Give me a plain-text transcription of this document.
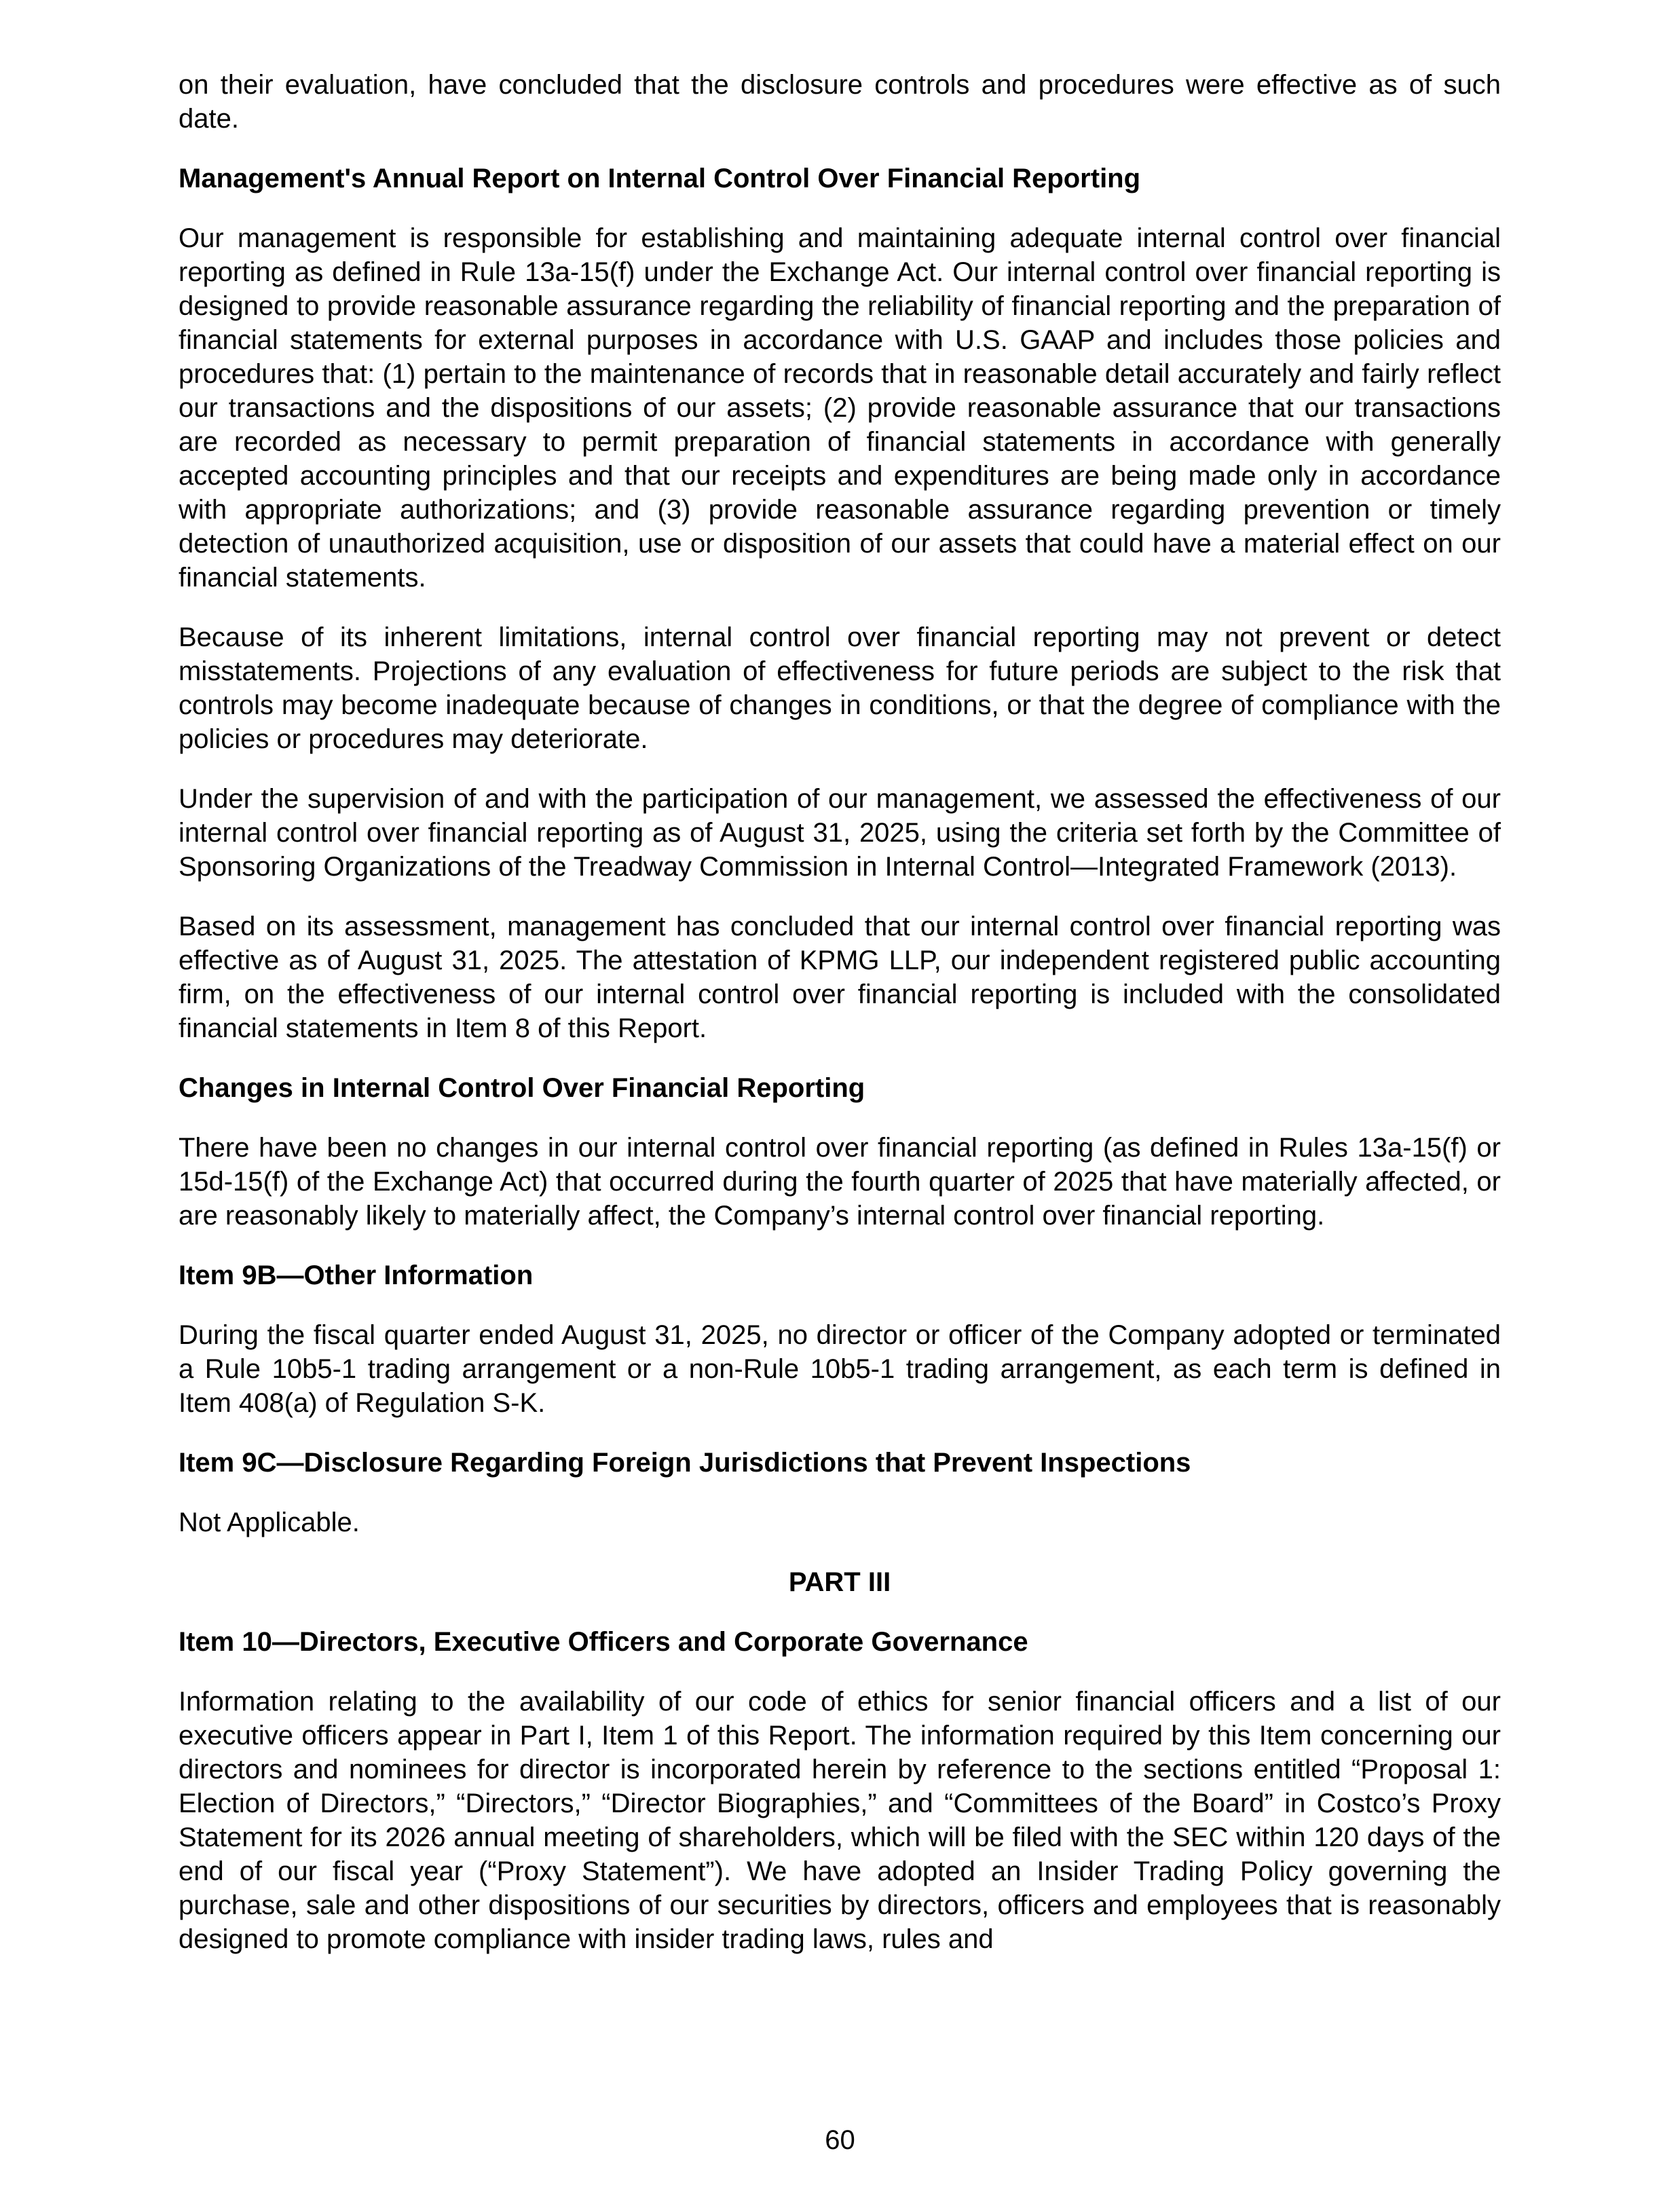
on their evaluation, have concluded that the disclosure controls and procedures were effective as of such date.

Management's Annual Report on Internal Control Over Financial Reporting

Our management is responsible for establishing and maintaining adequate internal control over financial reporting as defined in Rule 13a-15(f) under the Exchange Act. Our internal control over financial reporting is designed to provide reasonable assurance regarding the reliability of financial reporting and the preparation of financial statements for external purposes in accordance with U.S. GAAP and includes those policies and procedures that: (1) pertain to the maintenance of records that in reasonable detail accurately and fairly reflect our transactions and the dispositions of our assets; (2) provide reasonable assurance that our transactions are recorded as necessary to permit preparation of financial statements in accordance with generally accepted accounting principles and that our receipts and expenditures are being made only in accordance with appropriate authorizations; and (3) provide reasonable assurance regarding prevention or timely detection of unauthorized acquisition, use or disposition of our assets that could have a material effect on our financial statements.

Because of its inherent limitations, internal control over financial reporting may not prevent or detect misstatements. Projections of any evaluation of effectiveness for future periods are subject to the risk that controls may become inadequate because of changes in conditions, or that the degree of compliance with the policies or procedures may deteriorate.

Under the supervision of and with the participation of our management, we assessed the effectiveness of our internal control over financial reporting as of August 31, 2025, using the criteria set forth by the Committee of Sponsoring Organizations of the Treadway Commission in Internal Control—Integrated Framework (2013).

Based on its assessment, management has concluded that our internal control over financial reporting was effective as of August 31, 2025. The attestation of KPMG LLP, our independent registered public accounting firm, on the effectiveness of our internal control over financial reporting is included with the consolidated financial statements in Item 8 of this Report.

Changes in Internal Control Over Financial Reporting

There have been no changes in our internal control over financial reporting (as defined in Rules 13a-15(f) or 15d-15(f) of the Exchange Act) that occurred during the fourth quarter of 2025 that have materially affected, or are reasonably likely to materially affect, the Company’s internal control over financial reporting.

Item 9B—Other Information

During the fiscal quarter ended August 31, 2025, no director or officer of the Company adopted or terminated a Rule 10b5-1 trading arrangement or a non-Rule 10b5-1 trading arrangement, as each term is defined in Item 408(a) of Regulation S-K.

Item 9C—Disclosure Regarding Foreign Jurisdictions that Prevent Inspections

Not Applicable.

PART III

Item 10—Directors, Executive Officers and Corporate Governance

Information relating to the availability of our code of ethics for senior financial officers and a list of our executive officers appear in Part I, Item 1 of this Report. The information required by this Item concerning our directors and nominees for director is incorporated herein by reference to the sections entitled “Proposal 1: Election of Directors,” “Directors,” “Director Biographies,” and “Committees of the Board” in Costco’s Proxy Statement for its 2026 annual meeting of shareholders, which will be filed with the SEC within 120 days of the end of our fiscal year (“Proxy Statement”). We have adopted an Insider Trading Policy governing the purchase, sale and other dispositions of our securities by directors, officers and employees that is reasonably designed to promote compliance with insider trading laws, rules and

60
